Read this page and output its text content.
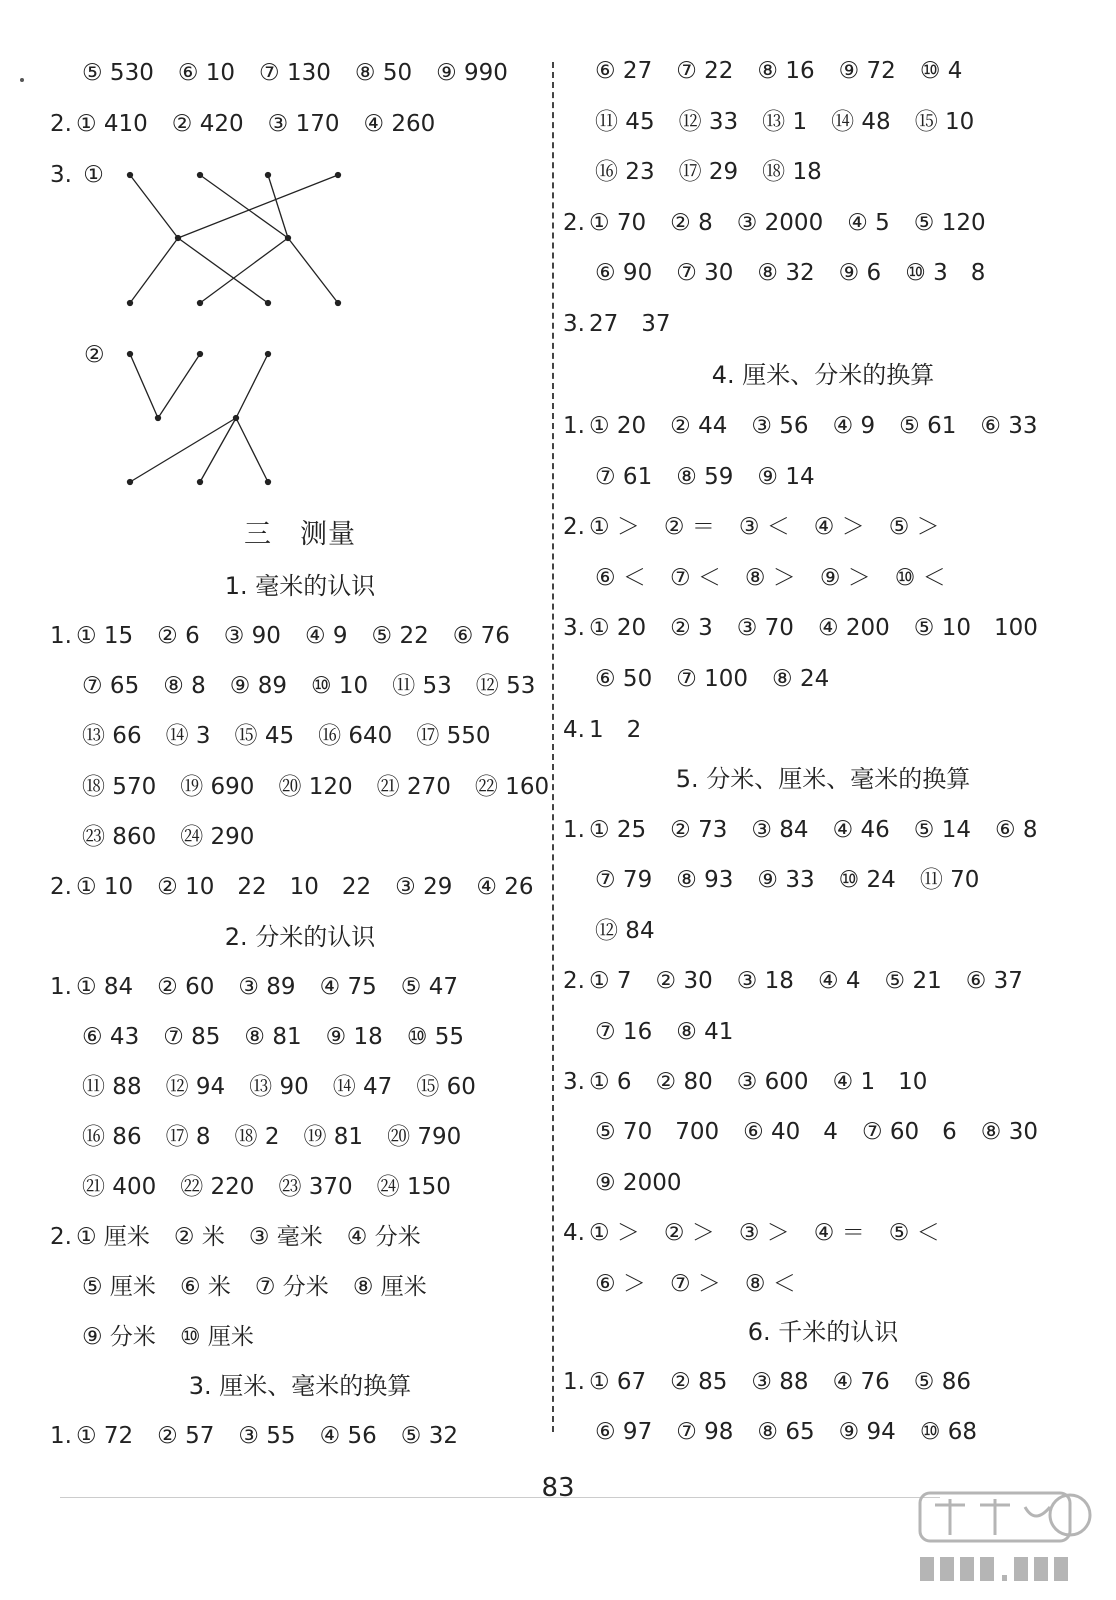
⑤ 530 ⑥ 10 ⑦ 130 ⑧ 50 ⑨ 990
2. ① 410 ② 420 ③ 170 ④ 260
3. ①
②
三　测量
1. 毫米的认识
1. ① 15 ② 6 ③ 90 ④ 9 ⑤ 22 ⑥ 76
⑦ 65 ⑧ 8 ⑨ 89 ⑩ 10 ⑪ 53 ⑫ 53
⑬ 66 ⑭ 3 ⑮ 45 ⑯ 640 ⑰ 550
⑱ 570 ⑲ 690 ⑳ 120 ㉑ 270 ㉒ 160
㉓ 860 ㉔ 290
2. ① 10 ② 10　22　10　22 ③ 29 ④ 26
2. 分米的认识
1. ① 84 ② 60 ③ 89 ④ 75 ⑤ 47
⑥ 43 ⑦ 85 ⑧ 81 ⑨ 18 ⑩ 55
⑪ 88 ⑫ 94 ⑬ 90 ⑭ 47 ⑮ 60
⑯ 86 ⑰ 8 ⑱ 2 ⑲ 81 ⑳ 790
㉑ 400 ㉒ 220 ㉓ 370 ㉔ 150
2. ① 厘米 ② 米 ③ 毫米 ④ 分米
⑤ 厘米 ⑥ 米 ⑦ 分米 ⑧ 厘米
⑨ 分米 ⑩ 厘米
3. 厘米、毫米的换算
1. ① 72 ② 57 ③ 55 ④ 56 ⑤ 32
⑥ 27 ⑦ 22 ⑧ 16 ⑨ 72 ⑩ 4
⑪ 45 ⑫ 33 ⑬ 1 ⑭ 48 ⑮ 10
⑯ 23 ⑰ 29 ⑱ 18
2. ① 70 ② 8 ③ 2000 ④ 5 ⑤ 120
⑥ 90 ⑦ 30 ⑧ 32 ⑨ 6 ⑩ 3　8
3. 27　37
4. 厘米、分米的换算
1. ① 20 ② 44 ③ 56 ④ 9 ⑤ 61 ⑥ 33
⑦ 61 ⑧ 59 ⑨ 14
2. ① ＞ ② ＝ ③ ＜ ④ ＞ ⑤ ＞
⑥ ＜ ⑦ ＜ ⑧ ＞ ⑨ ＞ ⑩ ＜
3. ① 20 ② 3 ③ 70 ④ 200 ⑤ 10　100
⑥ 50 ⑦ 100 ⑧ 24
4. 1　2
5. 分米、厘米、毫米的换算
1. ① 25 ② 73 ③ 84 ④ 46 ⑤ 14 ⑥ 8
⑦ 79 ⑧ 93 ⑨ 33 ⑩ 24 ⑪ 70
⑫ 84
2. ① 7 ② 30 ③ 18 ④ 4 ⑤ 21 ⑥ 37
⑦ 16 ⑧ 41
3. ① 6 ② 80 ③ 600 ④ 1　10
⑤ 70　700 ⑥ 40　4 ⑦ 60　6 ⑧ 30
⑨ 2000
4. ① ＞ ② ＞ ③ ＞ ④ ＝ ⑤ ＜
⑥ ＞ ⑦ ＞ ⑧ ＜
6. 千米的认识
1. ① 67 ② 85 ③ 88 ④ 76 ⑤ 86
⑥ 97 ⑦ 98 ⑧ 65 ⑨ 94 ⑩ 68
83
